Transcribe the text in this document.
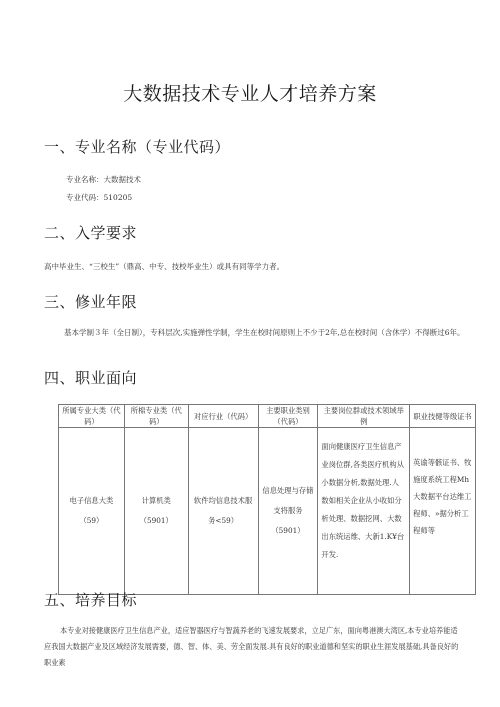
大数据技术专业人才培养方案
一、专业名称（专业代码）
专业名称：大数据技术
专业代码：510205
二、入学要求
高中毕业生、“三校生”（鼎高、中专、技校毕业生）或具有同等学力者。
三、修业年限
基本学制３年（全日制），专科层次,实施弹性学制，学生在校时间原则上不少于2年,总在校时间（含休学）不得断过6年。
四、职业面向
所属专业大类（代码）	所棉专业类（代码）	对应行业（代码）	主要职业类别（代码）	主要岗位群或技术领域举例	职业技健等级证书
电子信息大类（59）	计算机类（5901）	软件均信息技术服务<59）	信息处理与存储支将服务（5901）	面向健康医疗卫生信息产业岗位群,各类医疗机构从小数据分析,数据处理.人数如相关企业从小收如分析处理、数据挖网、大数出东统运维、大新1.K¥台开发.	英谕等骸证书、牧施度系统工程Mh大数据平台达维工程师、»据分析工程师等
五、培养目标
本专业对接健康医疗卫生信息产业，适应智器医疗与智蔬养老的飞速发展要求，立足广东，面向粤港澳大湾区,本专业培养能适应我国大数据产业及区域经济发展需要，德、智、体、美、劳全面发展.具有良好的职业道德和坚实的职业生涯发展基础,具备良好的职业素
